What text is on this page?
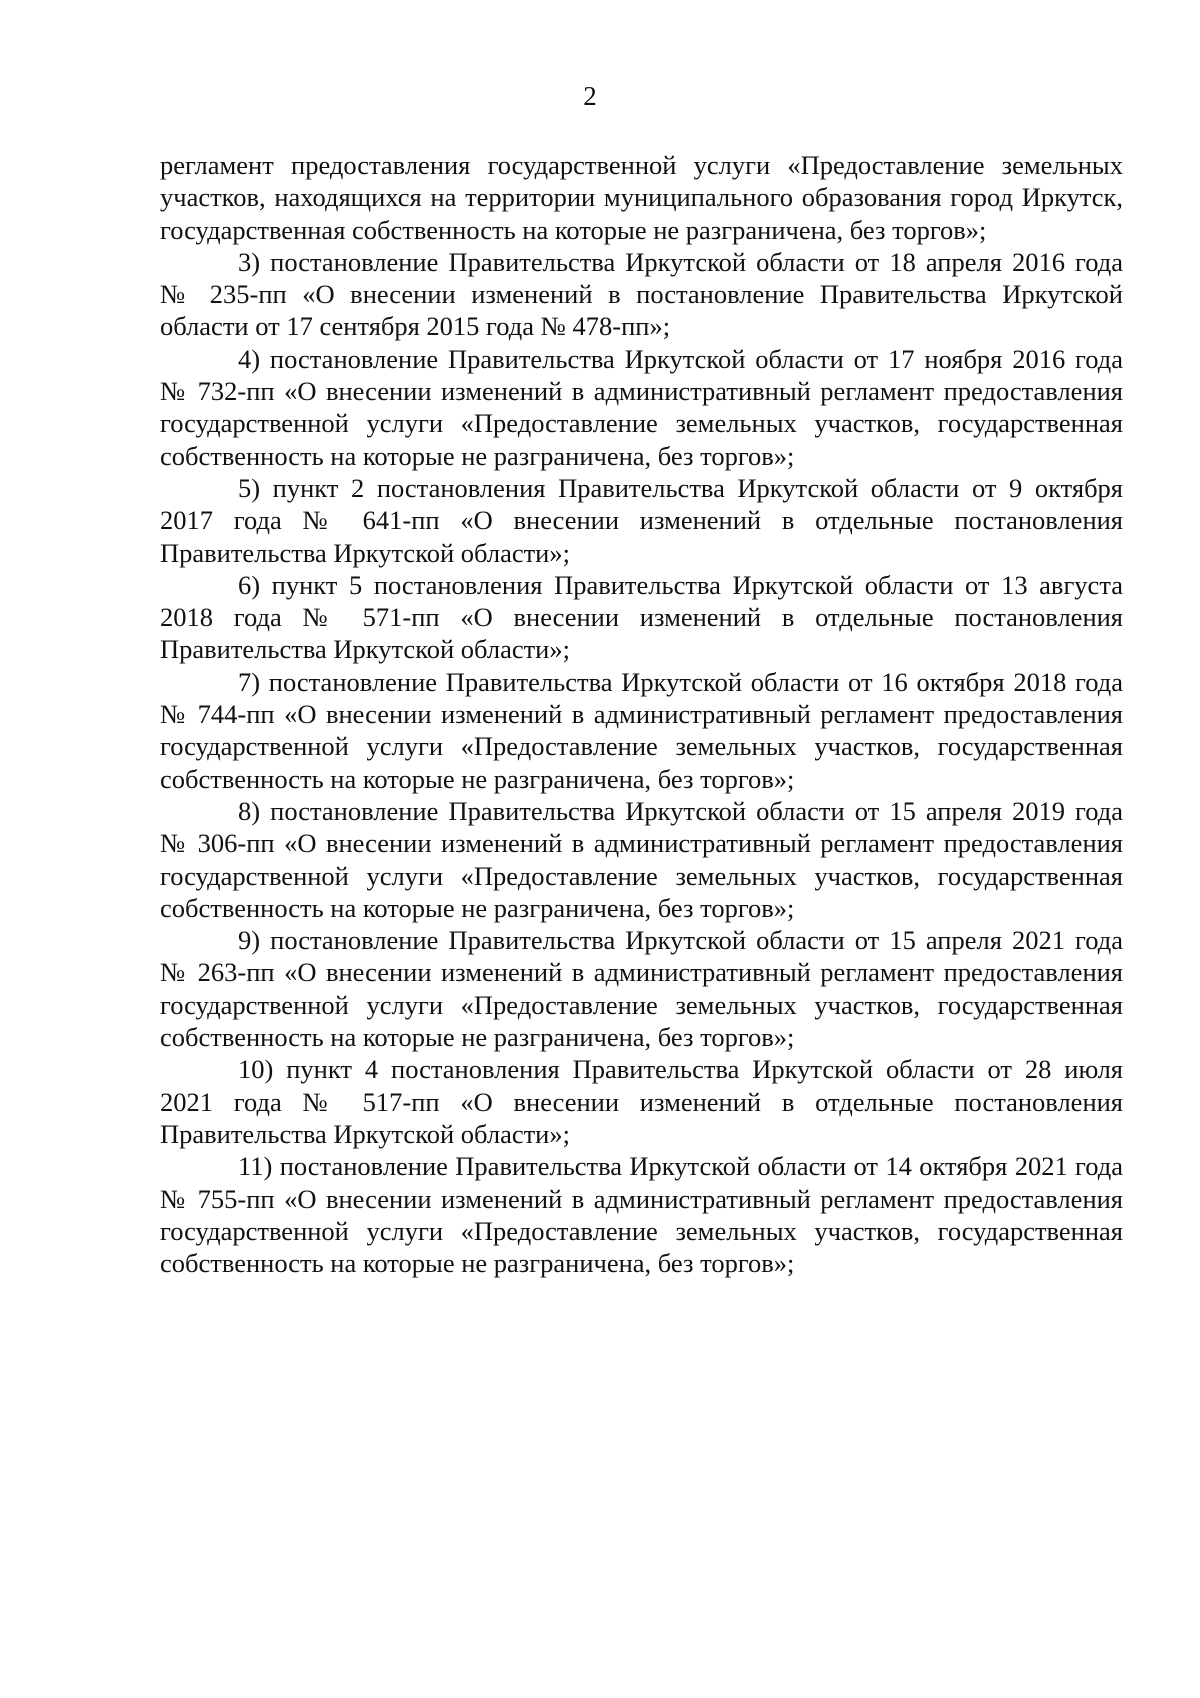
2

регламент предоставления государственной услуги «Предоставление земельных участков, находящихся на территории муниципального образования город Иркутск, государственная собственность на которые не разграничена, без торгов»;

3) постановление Правительства Иркутской области от 18 апреля 2016 года № 235-пп «О внесении изменений в постановление Правительства Иркутской области от 17 сентября 2015 года № 478-пп»;

4) постановление Правительства Иркутской области от 17 ноября 2016 года № 732-пп «О внесении изменений в административный регламент предоставления государственной услуги «Предоставление земельных участков, государственная собственность на которые не разграничена, без торгов»;

5) пункт 2 постановления Правительства Иркутской области от 9 октября 2017 года № 641-пп «О внесении изменений в отдельные постановления Правительства Иркутской области»;

6) пункт 5 постановления Правительства Иркутской области от 13 августа 2018 года № 571-пп «О внесении изменений в отдельные постановления Правительства Иркутской области»;

7) постановление Правительства Иркутской области от 16 октября 2018 года № 744-пп «О внесении изменений в административный регламент предоставления государственной услуги «Предоставление земельных участков, государственная собственность на которые не разграничена, без торгов»;

8) постановление Правительства Иркутской области от 15 апреля 2019 года № 306-пп «О внесении изменений в административный регламент предоставления государственной услуги «Предоставление земельных участков, государственная собственность на которые не разграничена, без торгов»;

9) постановление Правительства Иркутской области от 15 апреля 2021 года № 263-пп «О внесении изменений в административный регламент предоставления государственной услуги «Предоставление земельных участков, государственная собственность на которые не разграничена, без торгов»;

10) пункт 4 постановления Правительства Иркутской области от 28 июля 2021 года № 517-пп «О внесении изменений в отдельные постановления Правительства Иркутской области»;

11) постановление Правительства Иркутской области от 14 октября 2021 года № 755-пп «О внесении изменений в административный регламент предоставления государственной услуги «Предоставление земельных участков, государственная собственность на которые не разграничена, без торгов»;
